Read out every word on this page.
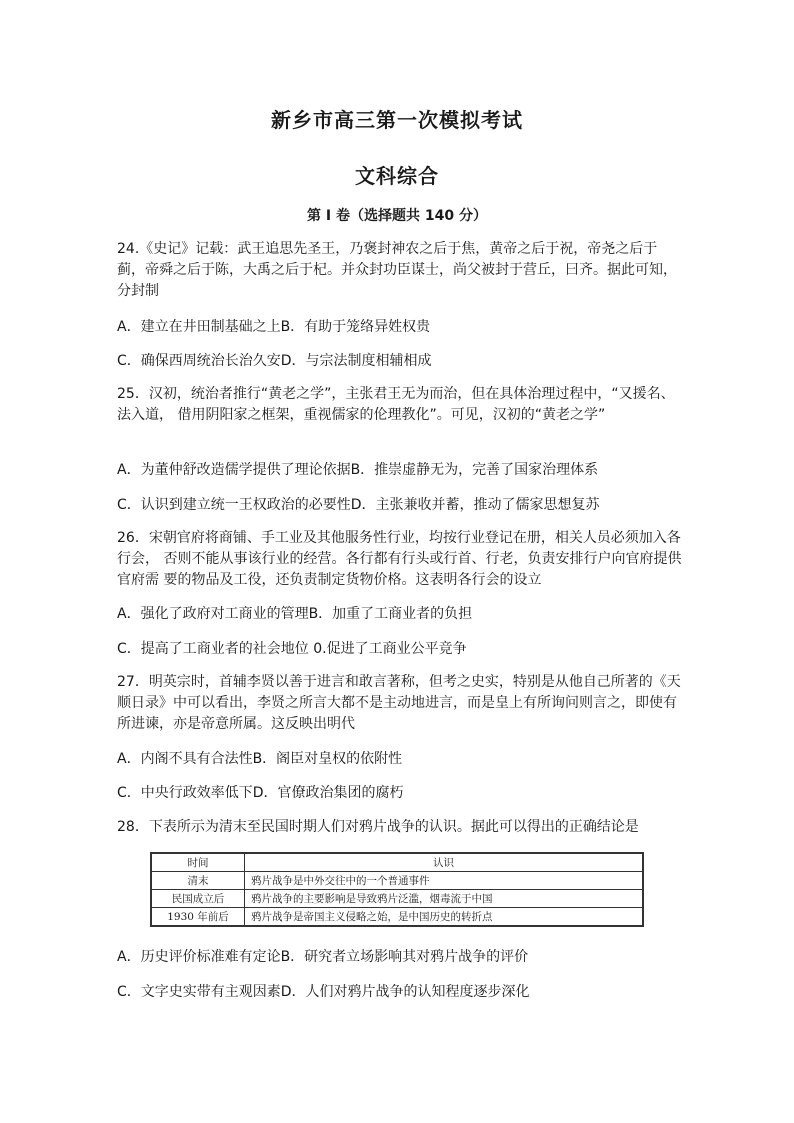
新乡市高三第一次模拟考试
文科综合
第 I 卷（选择题共 140 分）
24.《史记》记载：武王追思先圣王，乃褒封神农之后于焦，黄帝之后于祝，帝尧之后于蓟，帝舜之后于陈，大禹之后于杞。并众封功臣谋士，尚父被封于营丘，曰齐。据此可知，分封制
A．建立在井田制基础之上B．有助于笼络异姓权贵
C．确保西周统治长治久安D．与宗法制度相辅相成
25．汉初，统治者推行“黄老之学”，主张君王无为而治，但在具体治理过程中，“又援名、法入道， 借用阴阳家之框架，重视儒家的伦理教化”。可见，汉初的“黄老之学”
A．为董仲舒改造儒学提供了理论依据B．推崇虚静无为，完善了国家治理体系
C．认识到建立统一王权政治的必要性D．主张兼收并蓄，推动了儒家思想复苏
26．宋朝官府将商铺、手工业及其他服务性行业，均按行业登记在册，相关人员必须加入各行会， 否则不能从事该行业的经营。各行都有行头或行首、行老，负责安排行户向官府提供官府需 要的物品及工役，还负责制定货物价格。这表明各行会的设立
A．强化了政府对工商业的管理B．加重了工商业者的负担
C．提高了工商业者的社会地位 0.促进了工商业公平竞争
27．明英宗时，首辅李贤以善于进言和敢言著称，但考之史实，特别是从他自己所著的《天顺日录》中可以看出，李贤之所言大都不是主动地进言，而是皇上有所询问则言之，即使有所进谏，亦是帝意所属。这反映出明代
A．内阁不具有合法性B．阁臣对皇权的依附性
C．中央行政效率低下D．官僚政治集团的腐朽
28．下表所示为清末至民国时期人们对鸦片战争的认识。据此可以得出的正确结论是
时间	认识
清末	鸦片战争是中外交往中的一个普通事件
民国成立后	鸦片战争的主要影响是导致鸦片泛滥，烟毒流于中国
1930 年前后	鸦片战争是帝国主义侵略之始，是中国历史的转折点
A．历史评价标准难有定论B．研究者立场影响其对鸦片战争的评价
C．文字史实带有主观因素D．人们对鸦片战争的认知程度逐步深化
